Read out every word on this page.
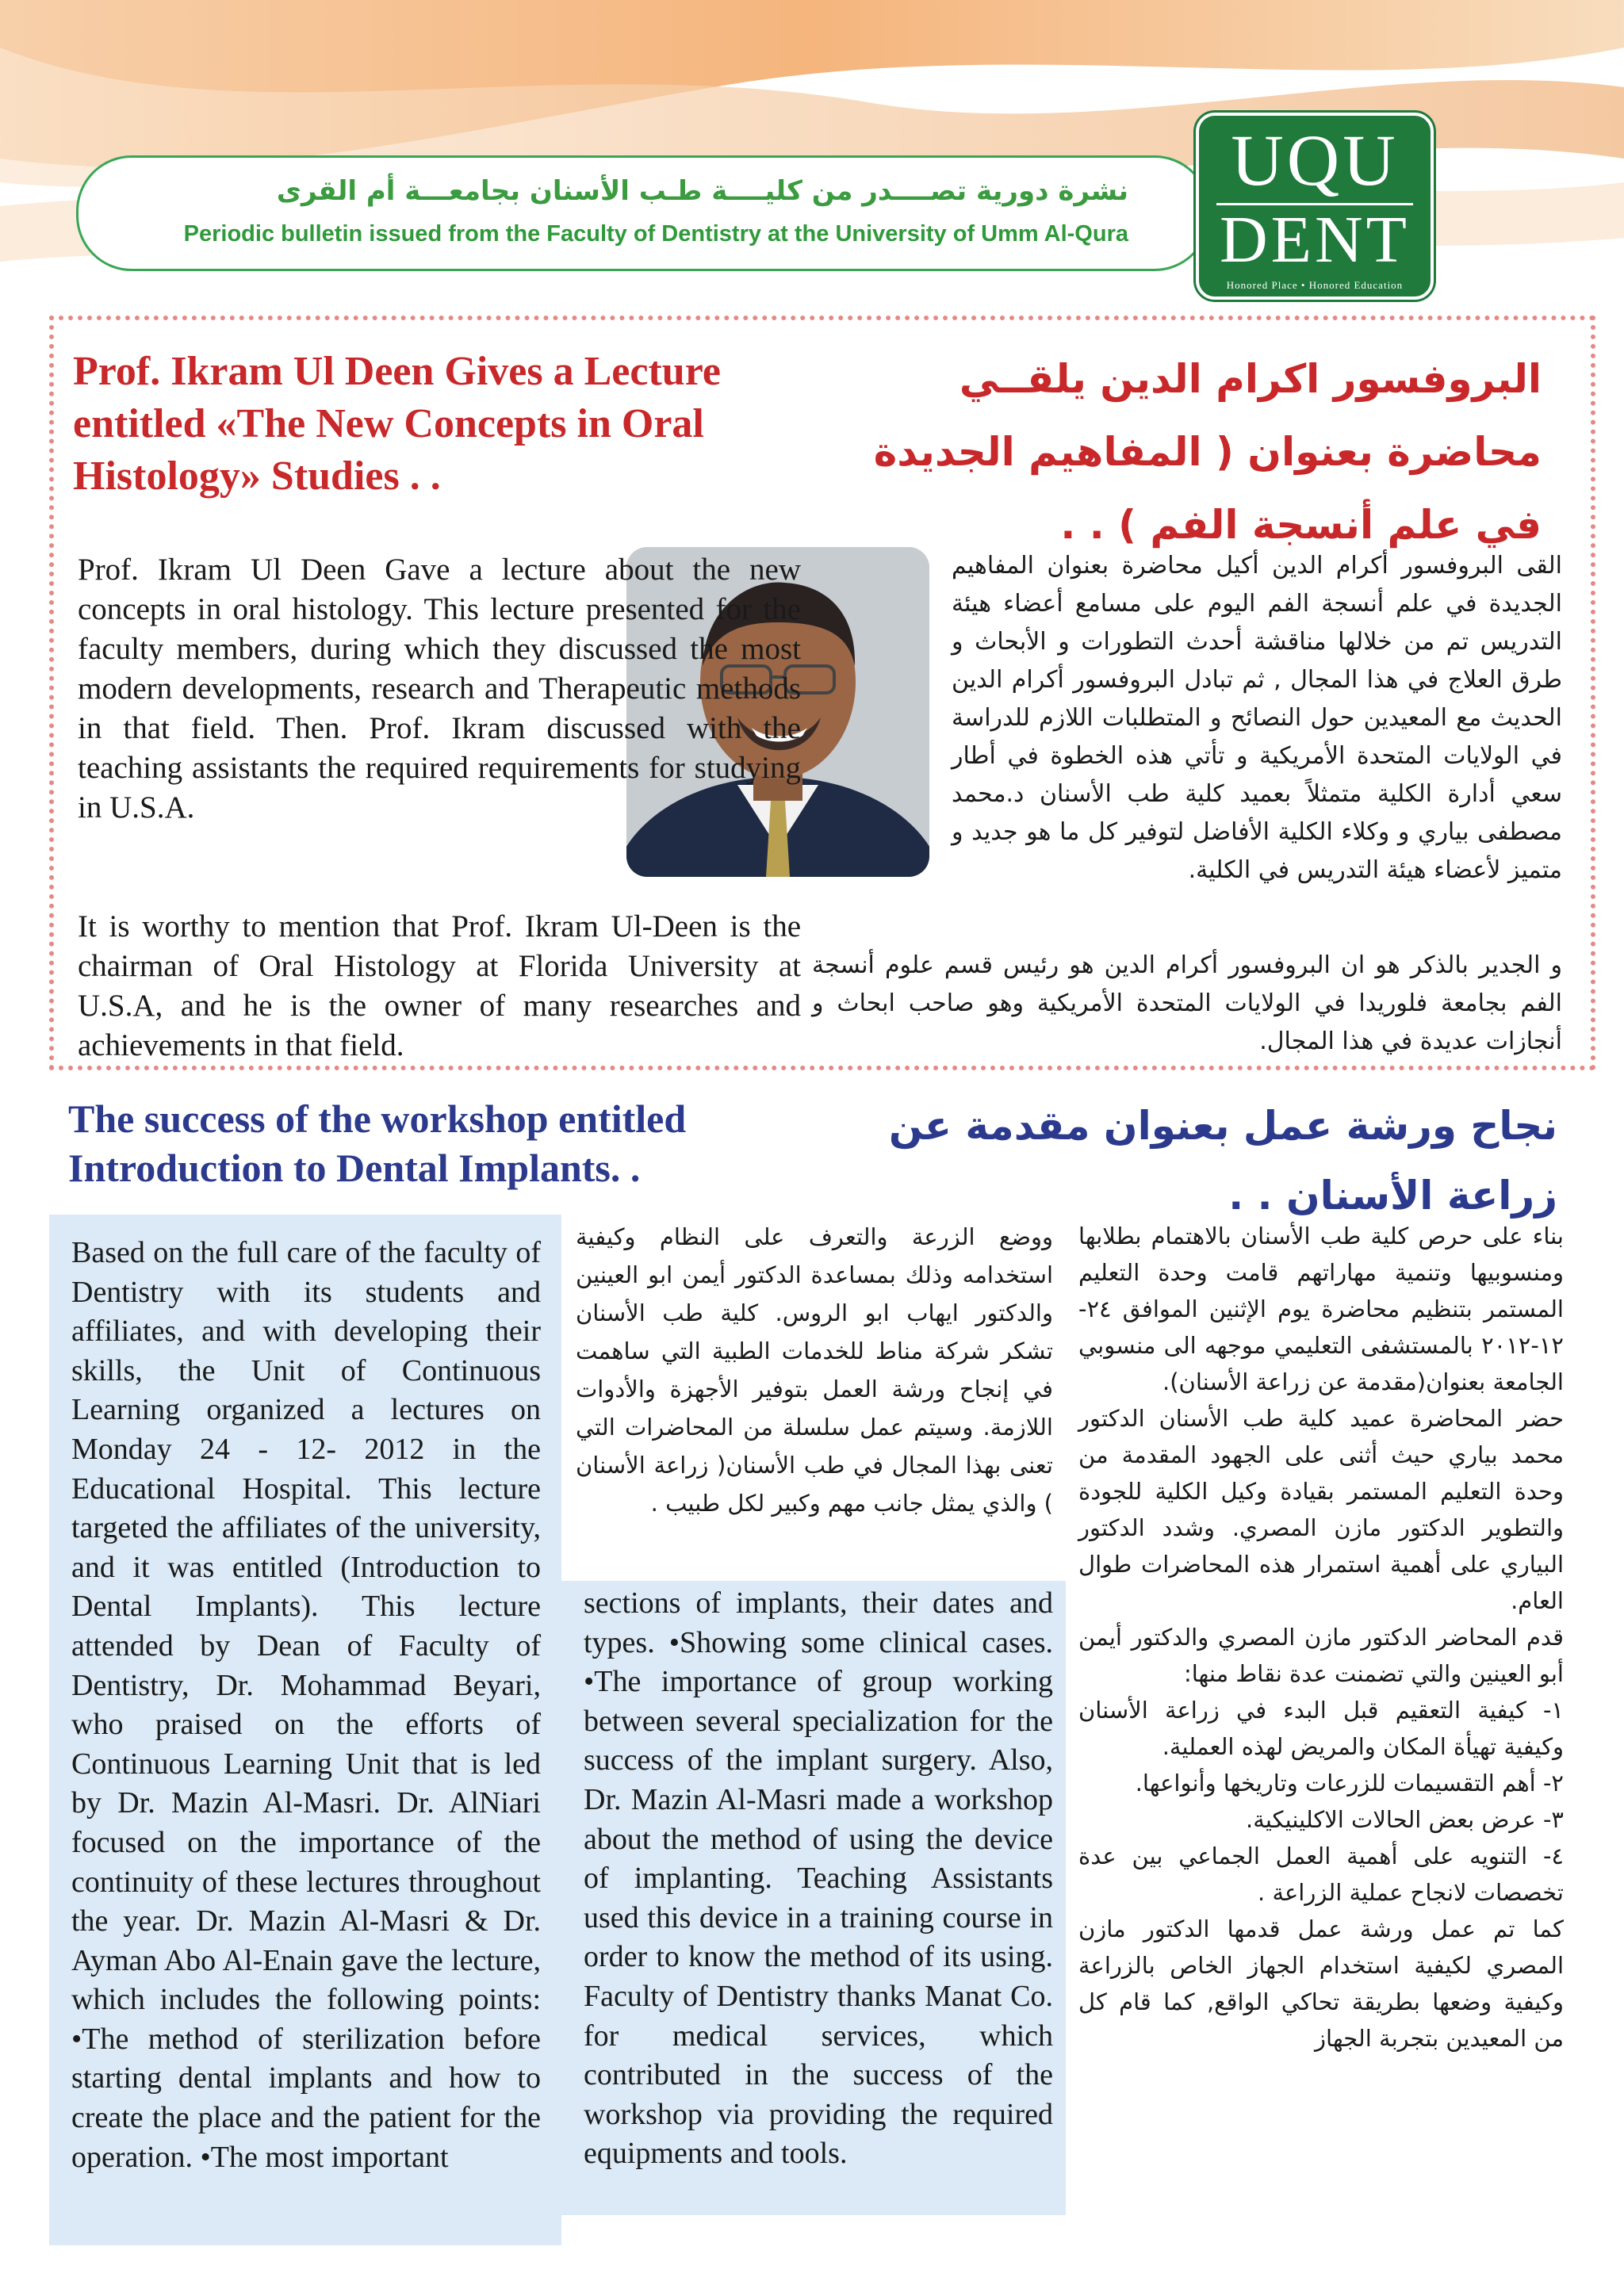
نشرة دورية تصــــدر من كليــــة طـب الأسنان بجامعـــة أم القرى
Periodic bulletin issued from the Faculty of Dentistry at the University of Umm Al-Qura
UQU
DENT
Honored Place • Honored Education
Prof. Ikram Ul Deen Gives a Lecture entitled «The New Concepts in Oral Histology» Studies . .
البروفسور اكرام الدين يلقــي محاضرة بعنوان ( المفاهيم الجديدة في علم أنسجة الفم ) . .

Prof. Ikram Ul Deen Gave a lecture about the new concepts in oral histology. This lecture presented for the faculty members, during which they discussed the most modern developments, research and Therapeutic methods in that field. Then. Prof. Ikram discussed with the teaching assistants the required requirements for studying in U.S.A.

It is worthy to mention that Prof. Ikram Ul-Deen is the chairman of Oral Histology at Florida University at U.S.A, and he is the owner of many researches and achievements in that field.

القى البروفسور أكرام الدين أكيل محاضرة بعنوان المفاهيم الجديدة في علم أنسجة الفم اليوم على مسامع أعضاء هيئة التدريس تم من خلالها مناقشة أحدث التطورات و الأبحاث و طرق العلاج في هذا المجال , ثم تبادل البروفسور أكرام الدين الحديث مع المعيدين حول النصائح و المتطلبات اللازم للدراسة في الولايات المتحدة الأمريكية و تأتي هذه الخطوة في أطار سعي أدارة الكلية متمثلاً بعميد كلية طب الأسنان د.محمد مصطفى بياري و وكلاء الكلية الأفاضل لتوفير كل ما هو جديد و متميز لأعضاء هيئة التدريس في الكلية.

و الجدير بالذكر هو ان البروفسور أكرام الدين هو رئيس قسم علوم أنسجة الفم بجامعة فلوريدا في الولايات المتحدة الأمريكية وهو صاحب ابحاث و أنجازات عديدة في هذا المجال.

The success of the workshop entitled Introduction to Dental Implants. .
نجاح ورشة عمل بعنوان مقدمة عن زراعة الأسنان . .

Based on the full care of the faculty of Dentistry with its students and affiliates, and with developing their skills, the Unit of Continuous Learning organized a lectures on Monday 24 - 12- 2012 in the Educational Hospital. This lecture targeted the affiliates of the university, and it was entitled (Introduction to Dental Implants). This lecture attended by Dean of Faculty of Dentistry, Dr. Mohammad Beyari, who praised on the efforts of Continuous Learning Unit that is led by Dr. Mazin Al-Masri. Dr. AlNiari focused on the importance of the continuity of these lectures throughout the year. Dr. Mazin Al-Masri & Dr. Ayman Abo Al-Enain gave the lecture, which includes the following points: •The method of sterilization before starting dental implants and how to create the place and the patient for the operation. •The most important

ووضع الزرعة والتعرف على النظام وكيفية استخدامه وذلك بمساعدة الدكتور أيمن ابو العينين والدكتور ايهاب ابو الروس. كلية طب الأسنان تشكر شركة مناط للخدمات الطبية التي ساهمت في إنجاح ورشة العمل بتوفير الأجهزة والأدوات اللازمة. وسيتم عمل سلسلة من المحاضرات التي تعنى بهذا المجال في طب الأسنان( زراعة الأسنان ) والذي يمثل جانب مهم وكبير لكل طبيب .

sections of implants, their dates and types. •Showing some clinical cases. •The importance of group working between several specialization for the success of the implant surgery. Also, Dr. Mazin Al-Masri made a workshop about the method of using the device of implanting. Teaching Assistants used this device in a training course in order to know the method of its using. Faculty of Dentistry thanks Manat Co. for medical services, which contributed in the success of the workshop via providing the required equipments and tools.

بناء على حرص كلية طب الأسنان بالاهتمام بطلابها ومنسوبيها وتنمية مهاراتهم قامت وحدة التعليم المستمر بتنظيم محاضرة يوم الإثنين الموافق ٢٤- ١٢-٢٠١٢ بالمستشفى التعليمي موجهه الى منسوبي الجامعة بعنوان(مقدمة عن زراعة الأسنان).
حضر المحاضرة عميد كلية طب الأسنان الدكتور محمد بياري حيث أثنى على الجهود المقدمة من وحدة التعليم المستمر بقيادة وكيل الكلية للجودة والتطوير الدكتور مازن المصري. وشدد الدكتور البياري على أهمية استمرار هذه المحاضرات طوال العام.
قدم المحاضر الدكتور مازن المصري والدكتور أيمن أبو العينين والتي تضمنت عدة نقاط منها:
١- كيفية التعقيم قبل البدء في زراعة الأسنان وكيفية تهيأة المكان والمريض لهذه العملية.
٢- أهم التقسيمات للزرعات وتاريخها وأنواعها.
٣- عرض بعض الحالات الاكلينيكية.
٤- التنويه على أهمية العمل الجماعي بين عدة تخصصات لانجاح عملية الزراعة .
كما تم عمل ورشة عمل قدمها الدكتور مازن المصري لكيفية استخدام الجهاز الخاص بالزراعة وكيفية وضعها بطريقة تحاكي الواقع, كما قام كل من المعيدين بتجربة الجهاز
